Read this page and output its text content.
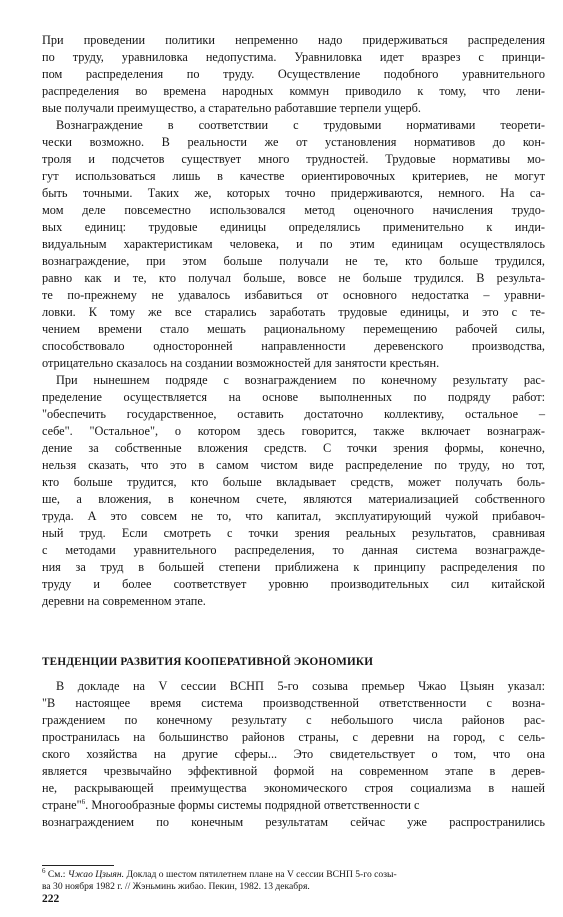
При проведении политики непременно надо придерживаться распределения
по труду, уравниловка недопустима. Уравниловка идет вразрез с принци-
пом распределения по труду. Осуществление подобного уравнительного
распределения во времена народных коммун приводило к тому, что лени-
вые получали преимущество, а старательно работавшие терпели ущерб.
Вознаграждение в соответствии с трудовыми нормативами теорети-
чески возможно. В реальности же от установления нормативов до кон-
троля и подсчетов существует много трудностей. Трудовые нормативы мо-
гут использоваться лишь в качестве ориентировочных критериев, не могут
быть точными. Таких же, которых точно придерживаются, немного. На са-
мом деле повсеместно использовался метод оценочного начисления трудо-
вых единиц: трудовые единицы определялись применительно к инди-
видуальным характеристикам человека, и по этим единицам осуществлялось
вознаграждение, при этом больше получали не те, кто больше трудился,
равно как и те, кто получал больше, вовсе не больше трудился. В результа-
те по-прежнему не удавалось избавиться от основного недостатка – уравни-
ловки. К тому же все старались заработать трудовые единицы, и это с те-
чением времени стало мешать рациональному перемещению рабочей силы,
способствовало односторонней направленности деревенского производства,
отрицательно сказалось на создании возможностей для занятости крестьян.
При нынешнем подряде с вознаграждением по конечному результату рас-
пределение осуществляется на основе выполненных по подряду работ:
"обеспечить государственное, оставить достаточно коллективу, остальное –
себе". "Остальное", о котором здесь говорится, также включает вознаграж-
дение за собственные вложения средств. С точки зрения формы, конечно,
нельзя сказать, что это в самом чистом виде распределение по труду, но тот,
кто больше трудится, кто больше вкладывает средств, может получать боль-
ше, а вложения, в конечном счете, являются материализацией собственного
труда. А это совсем не то, что капитал, эксплуатирующий чужой прибавоч-
ный труд. Если смотреть с точки зрения реальных результатов, сравнивая
с методами уравнительного распределения, то данная система вознагражде-
ния за труд в большей степени приближена к принципу распределения по
труду и более соответствует уровню производительных сил китайской
деревни на современном этапе.
ТЕНДЕНЦИИ РАЗВИТИЯ КООПЕРАТИВНОЙ ЭКОНОМИКИ
В докладе на V сессии ВСНП 5-го созыва премьер Чжао Цзыян указал:
"В настоящее время система производственной ответственности с возна-
граждением по конечному результату с небольшого числа районов рас-
пространилась на большинство районов страны, с деревни на город, с сель-
ского хозяйства на другие сферы... Это свидетельствует о том, что она
является чрезвычайно эффективной формой на современном этапе в дерев-
не, раскрывающей преимущества экономического строя социализма в нашей
стране"$^6$. Многообразные формы системы подрядной ответственности с
вознаграждением по конечным результатам сейчас уже распространились
$^6$ См.: Чжао Цзыян. Доклад о шестом пятилетнем плане на V сессии ВСНП 5-го созы-
ва 30 ноября 1982 г. // Жэньминь жибао. Пекин, 1982. 13 декабря.
222
